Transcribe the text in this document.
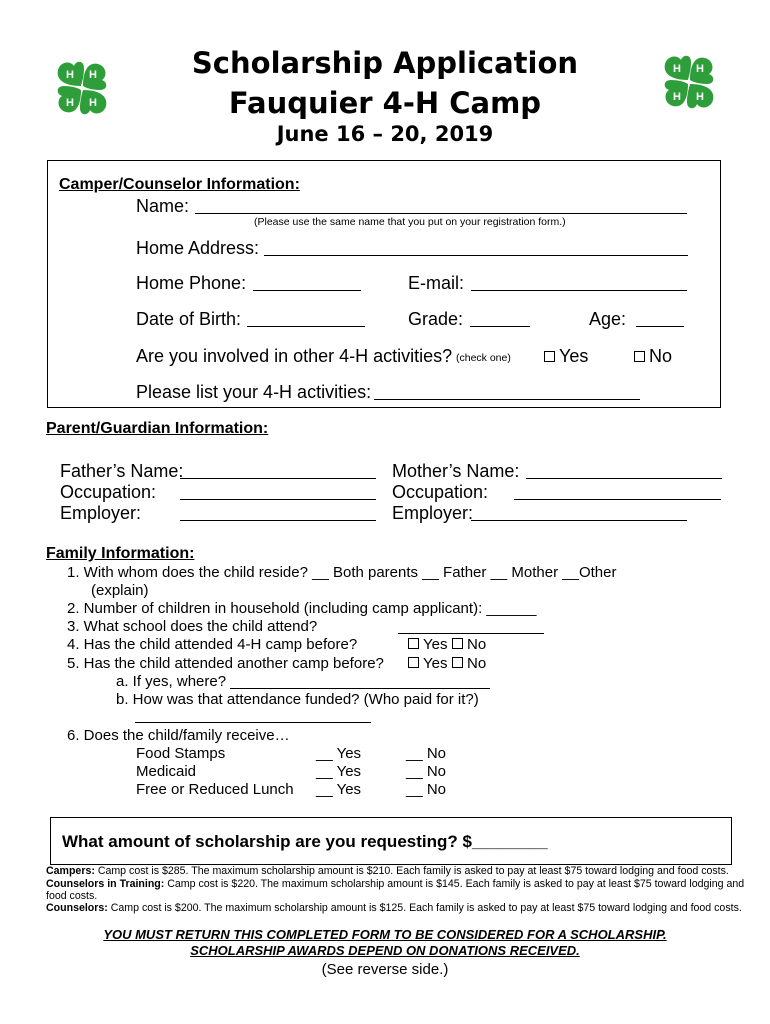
H H
H H
H H
H H
Scholarship Application
Fauquier 4-H Camp
June 16 – 20, 2019
Camper/Counselor Information:
Name:
(Please use the same name that you put on your registration form.)
Home Address:
Home Phone:	E-mail:
Date of Birth:	Grade:	Age:
Are you involved in other 4-H activities? (check one)	Yes	No
Please list your 4-H activities:
Parent/Guardian Information:
Father’s Name:	Mother’s Name:
Occupation:	Occupation:
Employer:	Employer:
Family Information:
1. With whom does the child reside? __ Both parents __ Father __ Mother __Other
(explain)
2. Number of children in household (including camp applicant): ______
3. What school does the child attend?
4. Has the child attended 4-H camp before?	Yes	No
5. Has the child attended another camp before?	Yes	No
a. If yes, where?
b. How was that attendance funded? (Who paid for it?)
6. Does the child/family receive…
Food Stamps	__ Yes	__ No
Medicaid	__ Yes	__ No
Free or Reduced Lunch __ Yes	__ No
What amount of scholarship are you requesting? $________
Campers: Camp cost is $285. The maximum scholarship amount is $210. Each family is asked to pay at least $75 toward lodging and food costs.
Counselors in Training: Camp cost is $220. The maximum scholarship amount is $145. Each family is asked to pay at least $75 toward lodging and
food costs.
Counselors: Camp cost is $200. The maximum scholarship amount is $125. Each family is asked to pay at least $75 toward lodging and food costs.
YOU MUST RETURN THIS COMPLETED FORM TO BE CONSIDERED FOR A SCHOLARSHIP.
SCHOLARSHIP AWARDS DEPEND ON DONATIONS RECEIVED.
(See reverse side.)
